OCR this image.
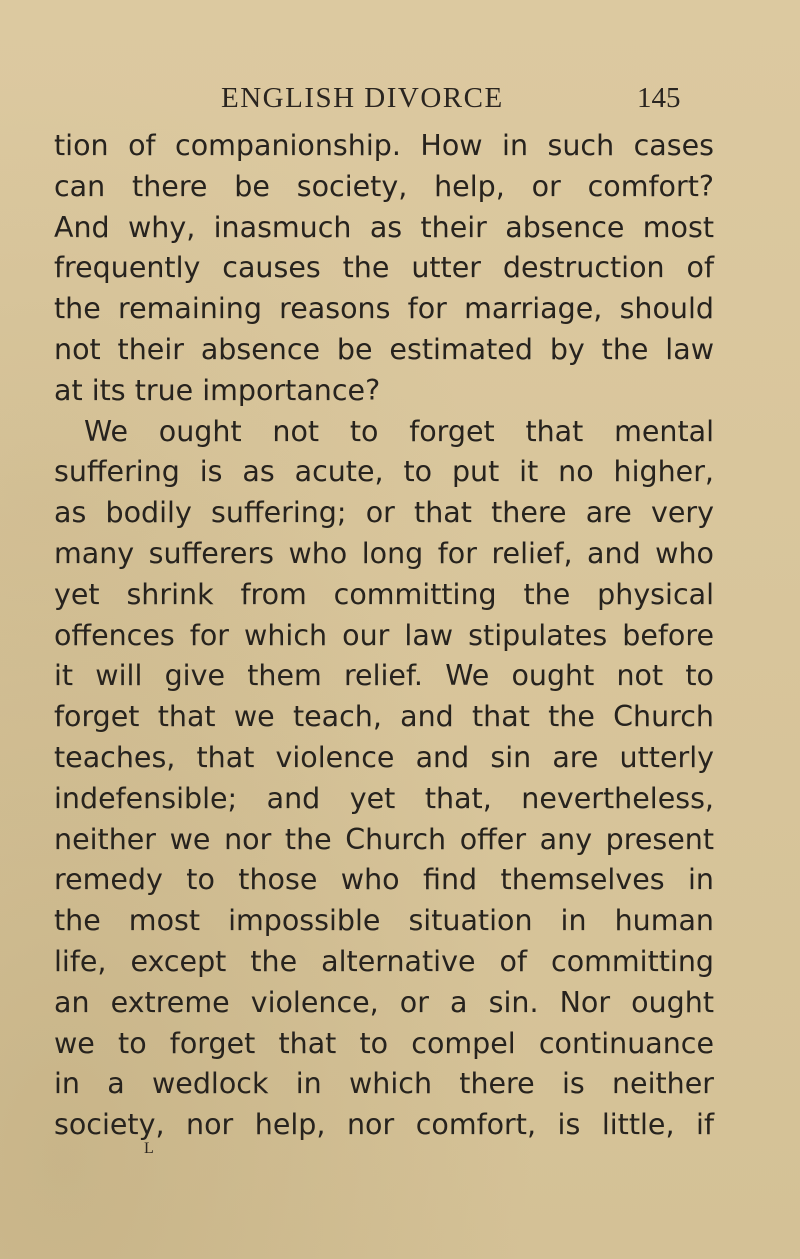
ENGLISH DIVORCE	145
tion of companionship. How in such cases
can there be society, help, or comfort?
And why, inasmuch as their absence most
frequently causes the utter destruction of
the remaining reasons for marriage, should
not their absence be estimated by the law
at its true importance?
We ought not to forget that mental
suffering is as acute, to put it no higher,
as bodily suffering; or that there are very
many sufferers who long for relief, and who
yet shrink from committing the physical
offences for which our law stipulates before
it will give them relief. We ought not to
forget that we teach, and that the Church
teaches, that violence and sin are utterly
indefensible; and yet that, nevertheless,
neither we nor the Church offer any present
remedy to those who find themselves in
the most impossible situation in human
life, except the alternative of committing
an extreme violence, or a sin. Nor ought
we to forget that to compel continuance
in a wedlock in which there is neither
society, nor help, nor comfort, is little, if
L
